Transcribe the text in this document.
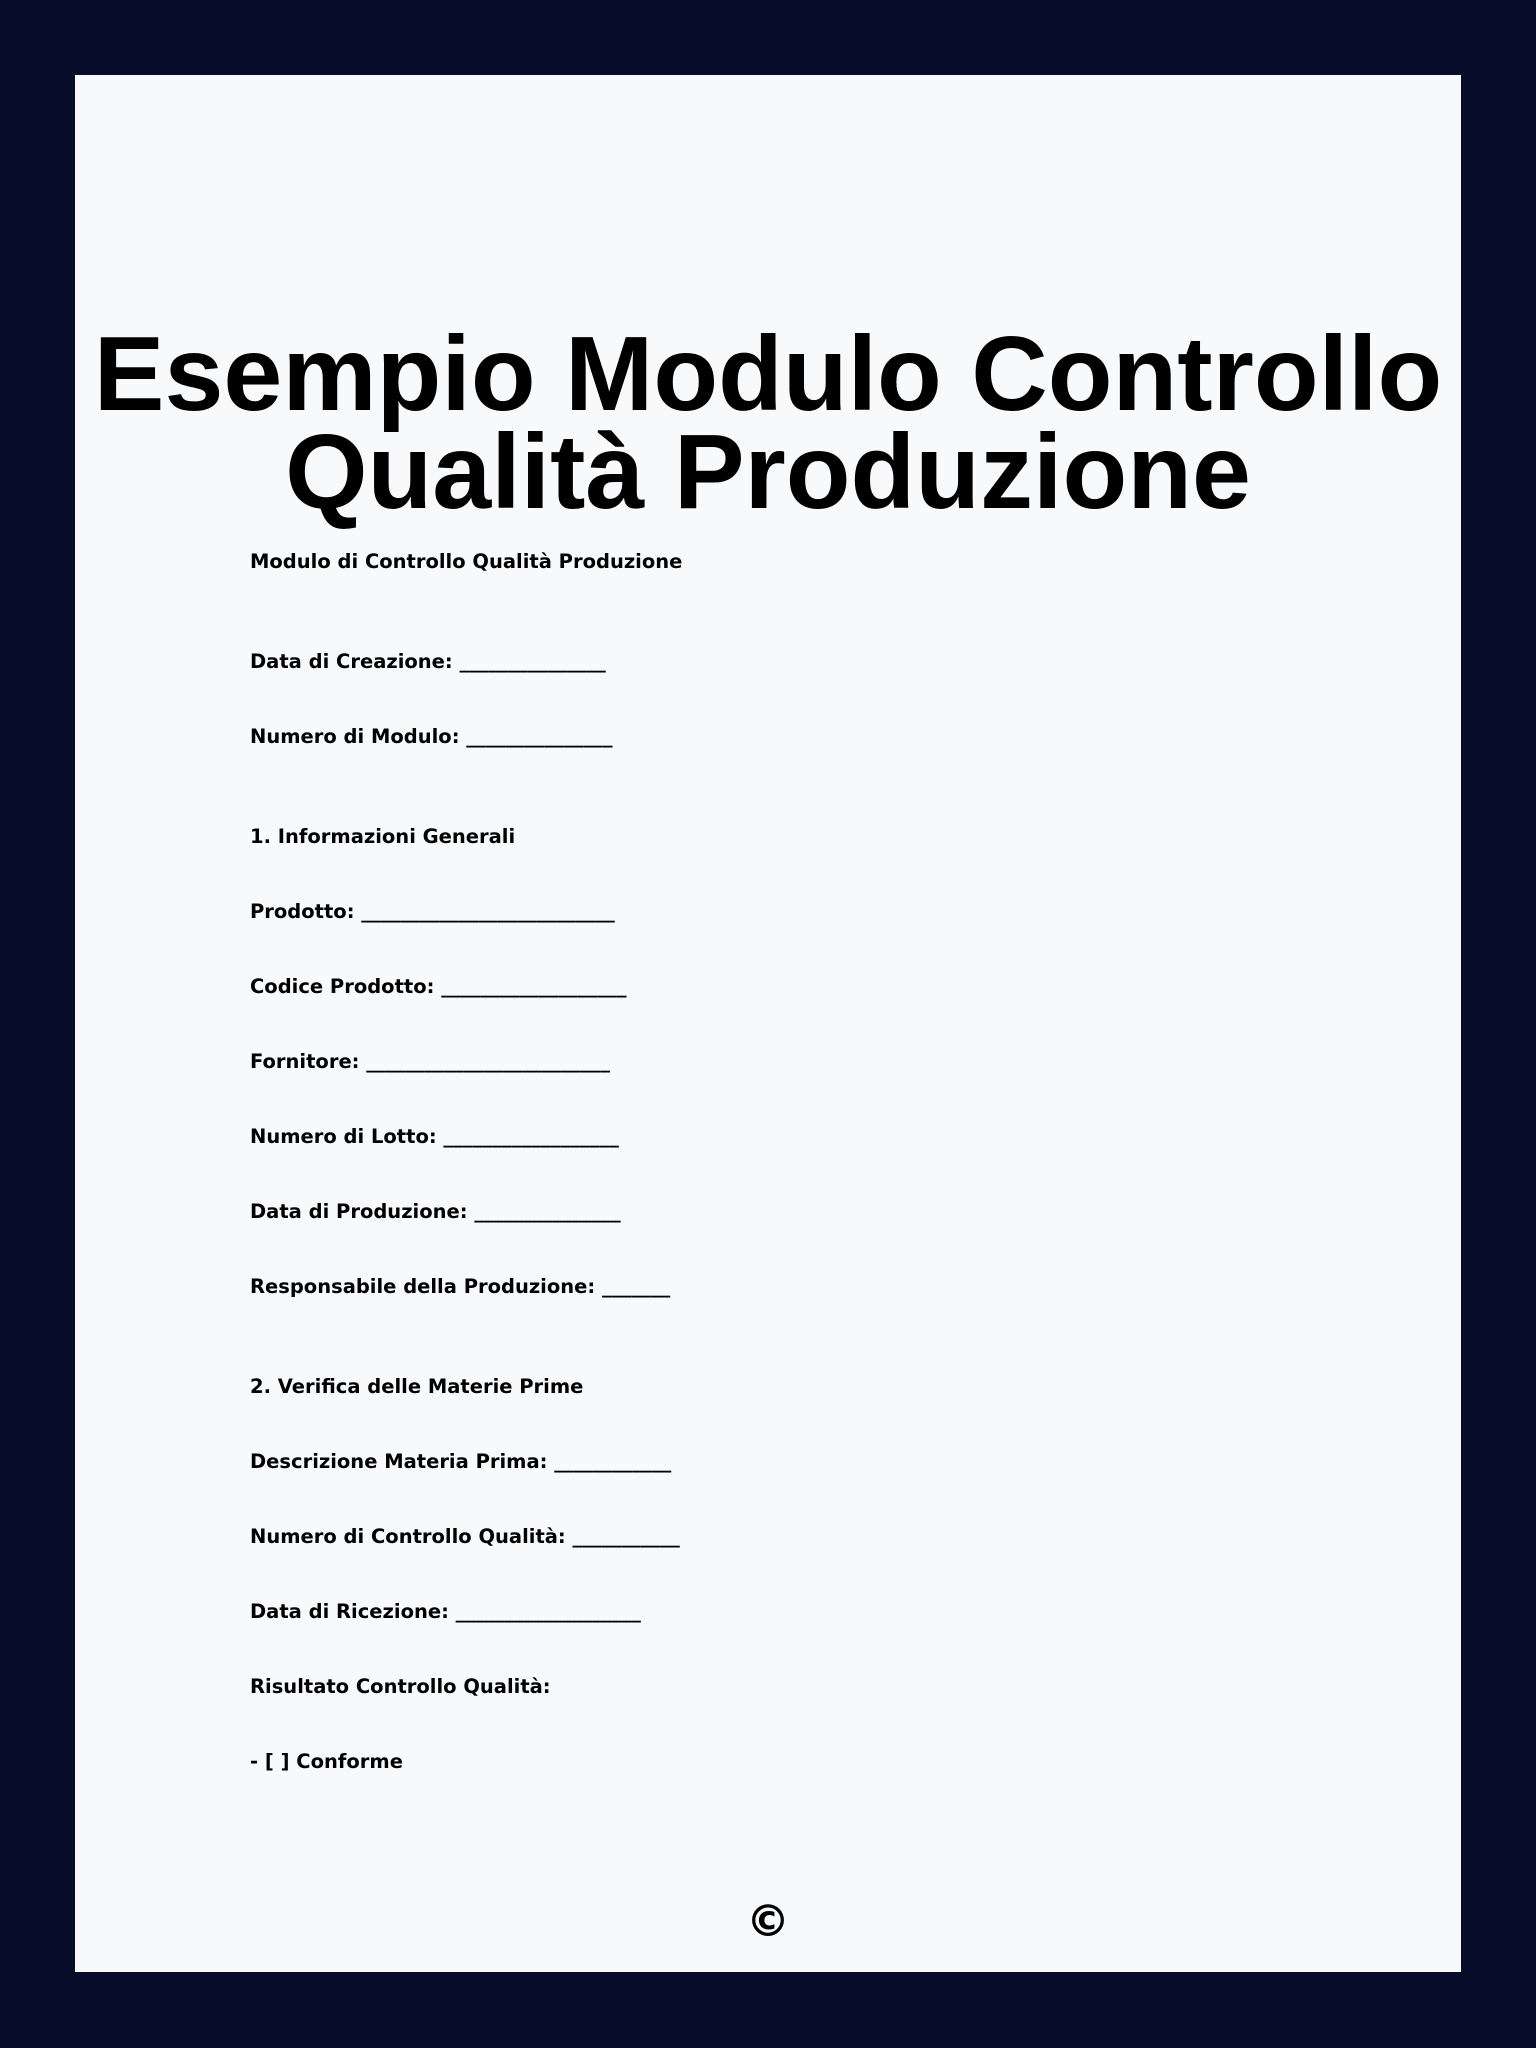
Esempio Modulo Controllo
Qualità Produzione

Modulo di Controllo Qualità Produzione

Data di Creazione: _______________

Numero di Modulo: _______________

1. Informazioni Generali

Prodotto: __________________________

Codice Prodotto: ___________________

Fornitore: _________________________

Numero di Lotto: __________________

Data di Produzione: _______________

Responsabile della Produzione: _______

2. Verifica delle Materie Prime

Descrizione Materia Prima: ____________

Numero di Controllo Qualità: ___________

Data di Ricezione: ___________________

Risultato Controllo Qualità:

- [ ] Conforme

©
